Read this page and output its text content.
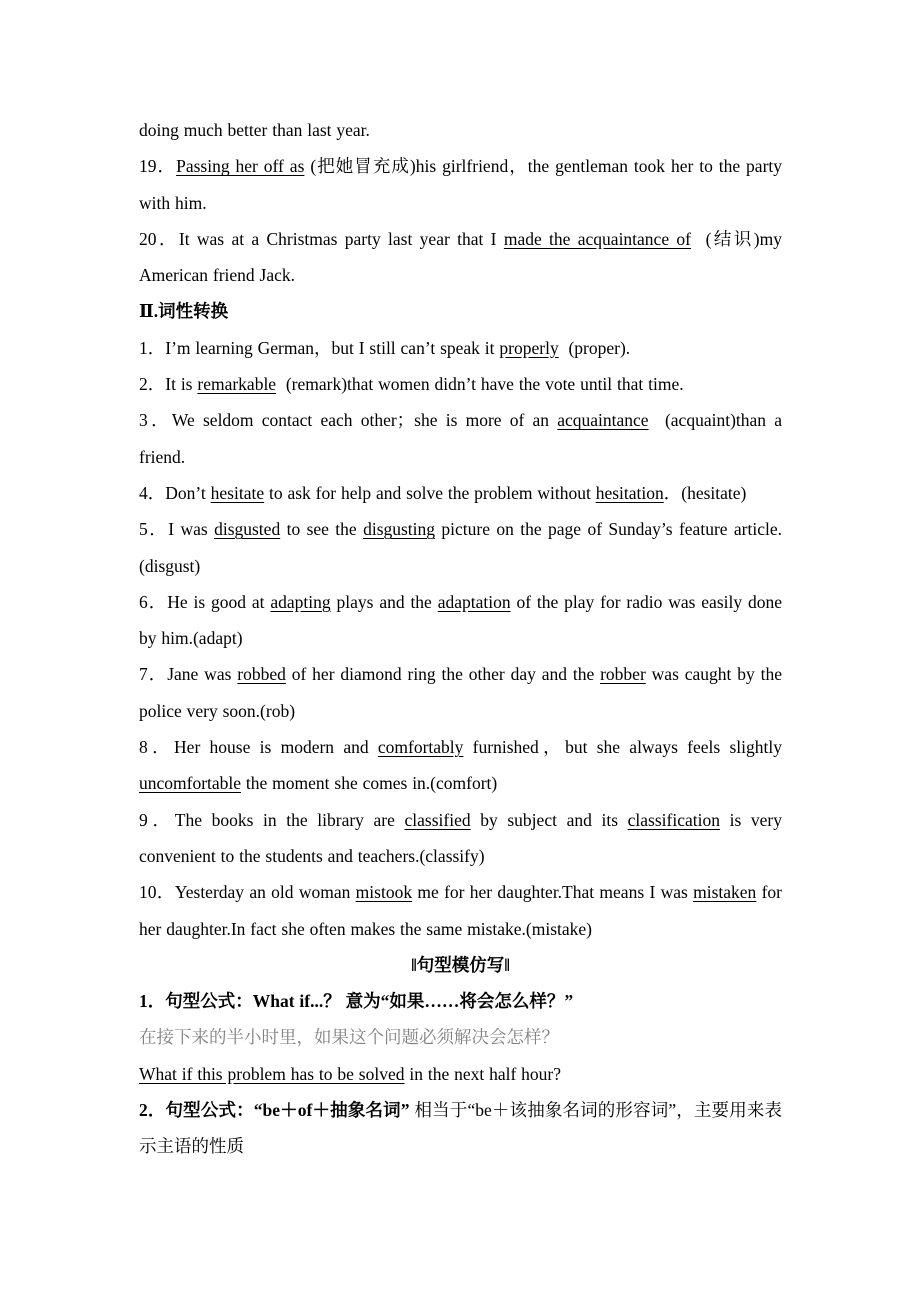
doing much better than last year.

19．Passing her off as (把她冒充成)his girlfriend，the gentleman took her to the party with him.

20．It was at a Christmas party last year that I made the acquaintance of  (结识)my American friend Jack.

Ⅱ.词性转换

1．I’m learning German，but I still can’t speak it properly  (proper).

2．It is remarkable  (remark)that women didn’t have the vote until that time.

3．We seldom contact each other；she is more of an acquaintance  (acquaint)than a friend.

4．Don’t hesitate to ask for help and solve the problem without hesitation．(hesitate)

5．I was disgusted to see the disgusting picture on the page of Sunday’s feature article.(disgust)

6．He is good at adapting plays and the adaptation of the play for radio was easily done by him.(adapt)

7．Jane was robbed of her diamond ring the other day and the robber was caught by the police very soon.(rob)

8．Her house is modern and comfortably furnished，but she always feels slightly uncomfortable the moment she comes in.(comfort)

9．The books in the library are classified by subject and its classification is very convenient to the students and teachers.(classify)

10．Yesterday an old woman mistook me for her daughter.That means I was mistaken for her daughter.In fact she often makes the same mistake.(mistake)

‖句型模仿写‖

1．句型公式：What if...？ 意为“如果……将会怎么样？”

在接下来的半小时里，如果这个问题必须解决会怎样？

What if this problem has to be solved in the next half hour?

2．句型公式：“be＋of＋抽象名词” 相当于“be＋该抽象名词的形容词”，主要用来表示主语的性质
